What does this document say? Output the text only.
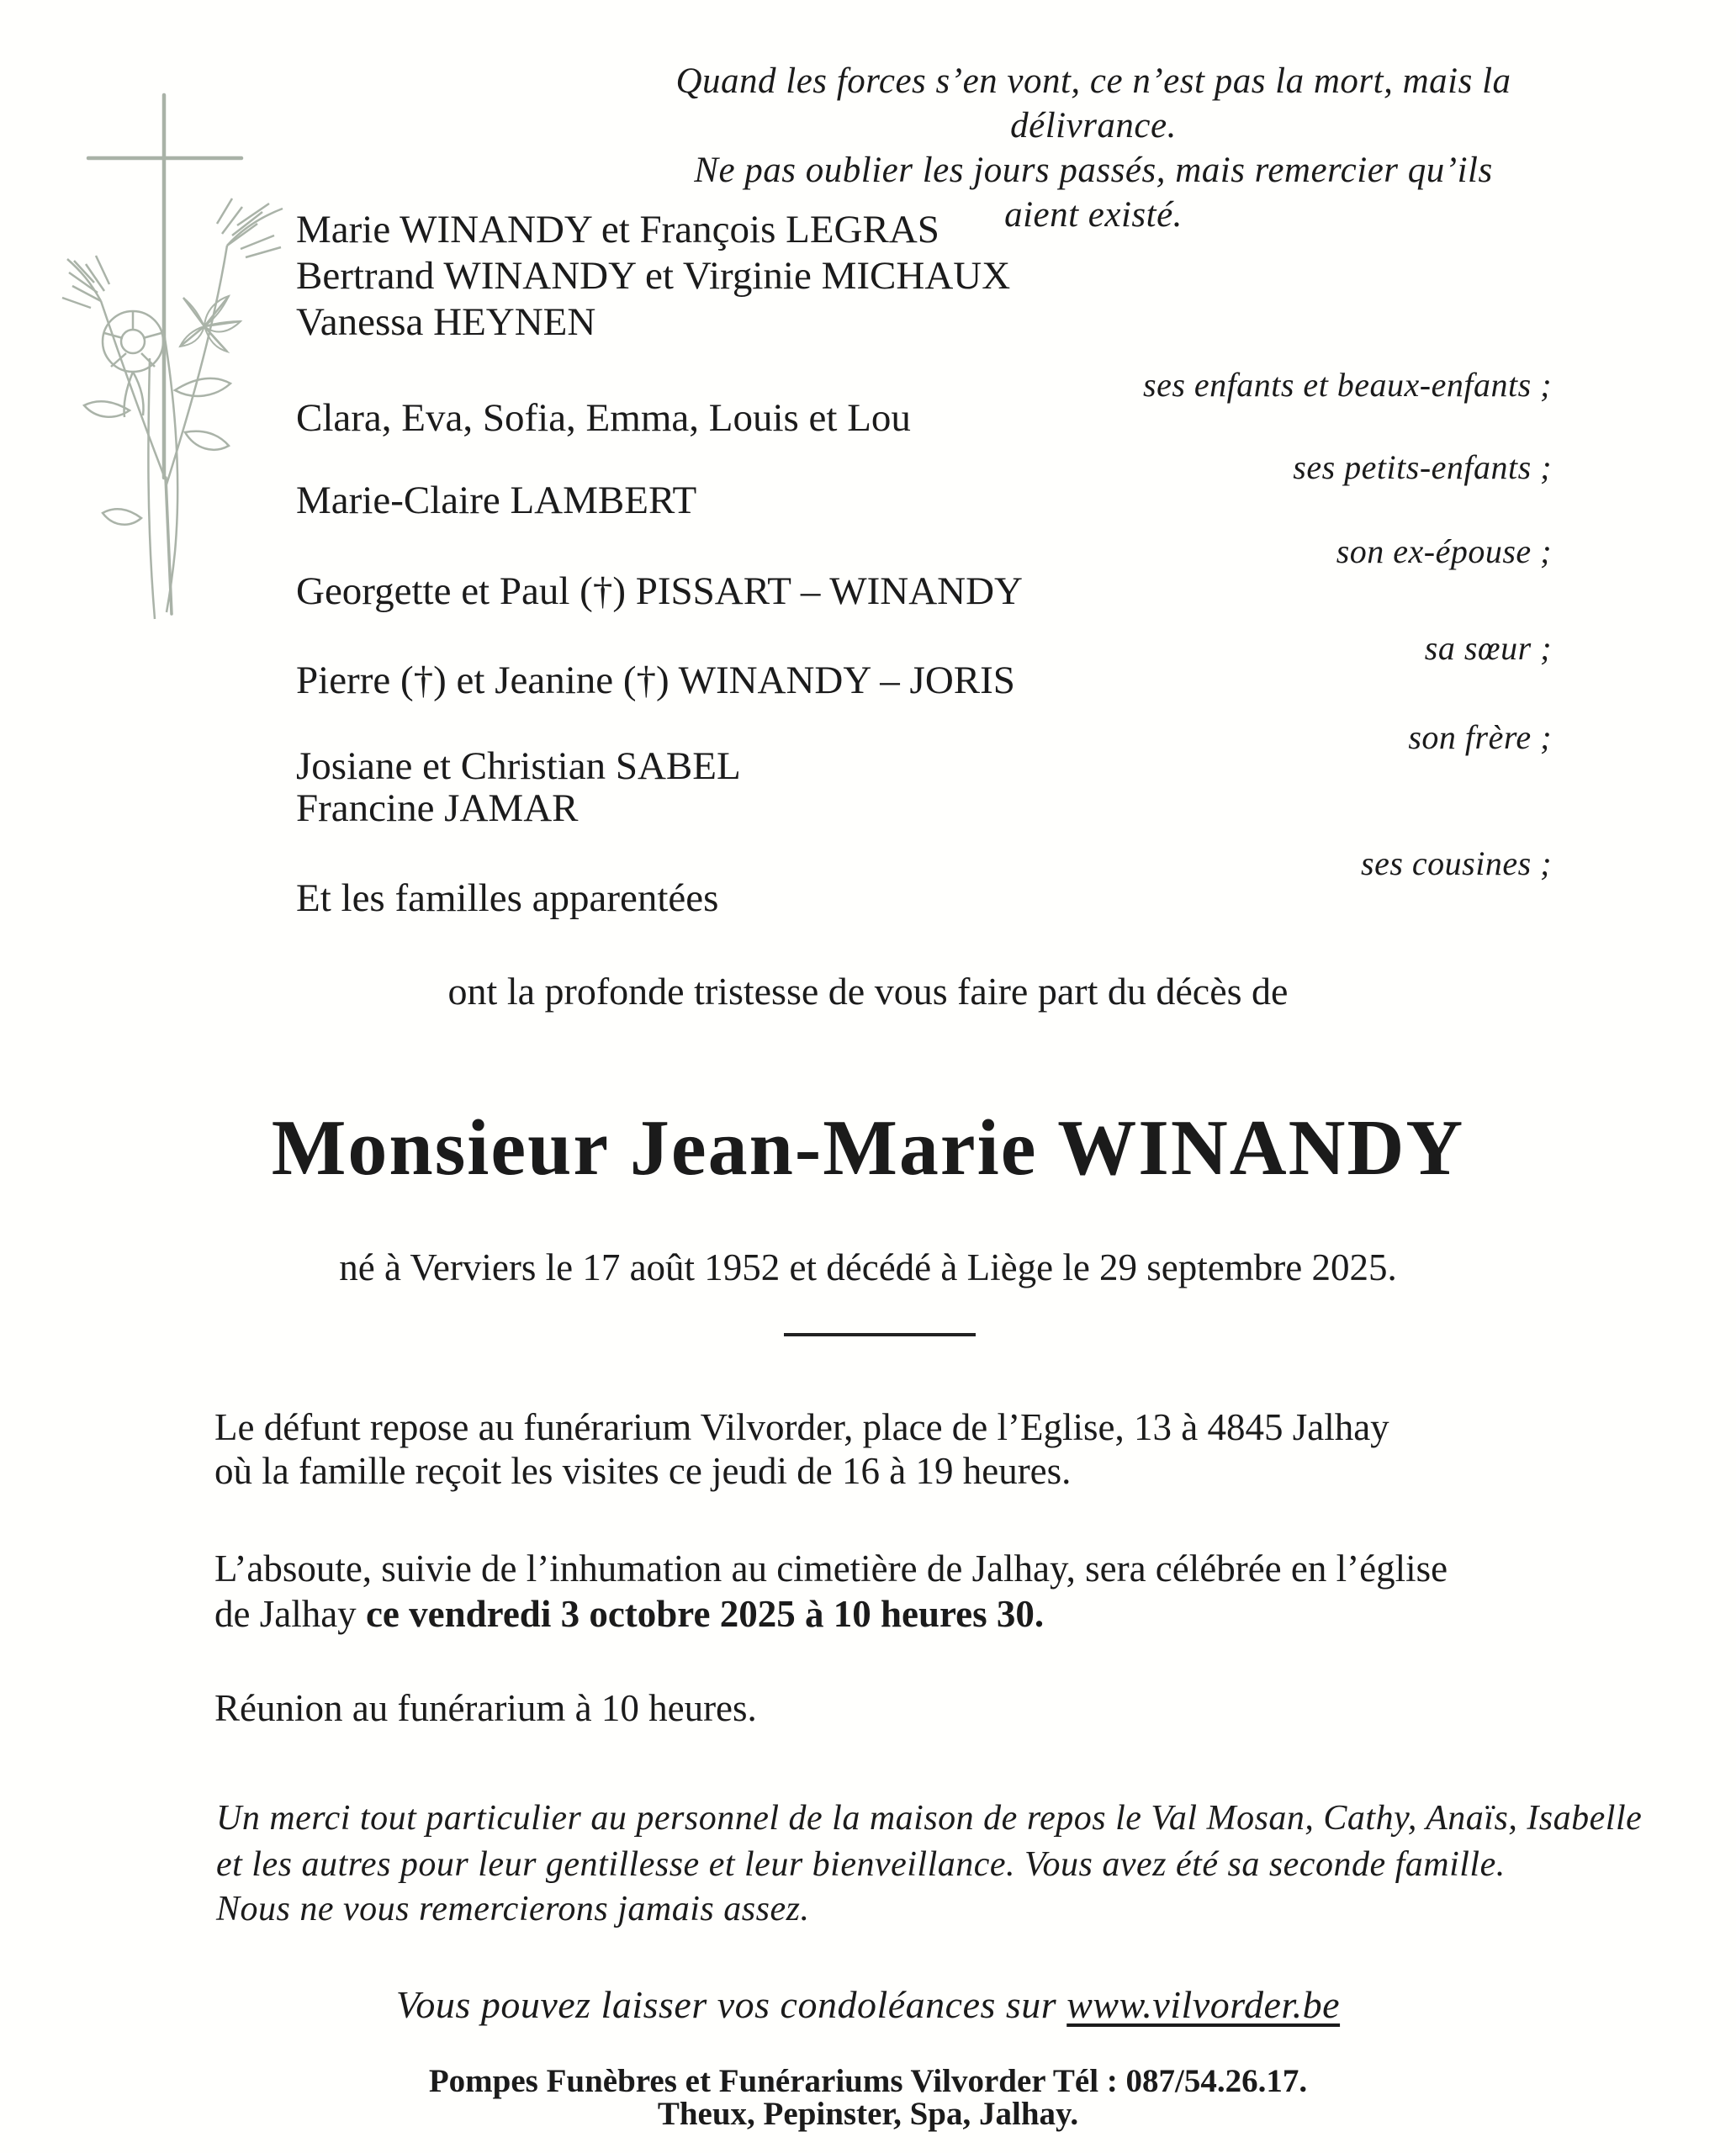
Quand les forces s’en vont, ce n’est pas la mort, mais la délivrance.
Ne pas oublier les jours passés, mais remercier qu’ils aient existé.
Marie WINANDY et François LEGRAS
Bertrand WINANDY et Virginie MICHAUX
Vanessa HEYNEN
ses enfants et beaux-enfants ;
Clara, Eva, Sofia, Emma, Louis et Lou
ses petits-enfants ;
Marie-Claire LAMBERT
son ex-épouse ;
Georgette et Paul (†) PISSART – WINANDY
sa sœur ;
Pierre (†) et Jeanine (†) WINANDY – JORIS
son frère ;
Josiane et Christian SABEL
Francine JAMAR
ses cousines ;
Et les familles apparentées
ont la profonde tristesse de vous faire part du décès de
Monsieur Jean-Marie WINANDY
né à Verviers le 17 août 1952 et décédé à Liège le 29 septembre 2025.
Le défunt repose au funérarium Vilvorder, place de l’Eglise, 13 à 4845 Jalhay
où la famille reçoit les visites ce jeudi de 16 à 19 heures.
L’absoute, suivie de l’inhumation au cimetière de Jalhay, sera célébrée en l’église
de Jalhay ce vendredi 3 octobre 2025 à 10 heures 30.
Réunion au funérarium à 10 heures.
Un merci tout particulier au personnel de la maison de repos le Val Mosan, Cathy, Anaïs, Isabelle
et les autres pour leur gentillesse et leur bienveillance. Vous avez été sa seconde famille.
Nous ne vous remercierons jamais assez.
Vous pouvez laisser vos condoléances sur www.vilvorder.be
Pompes Funèbres et Funérariums Vilvorder Tél : 087/54.26.17.
Theux, Pepinster, Spa, Jalhay.
